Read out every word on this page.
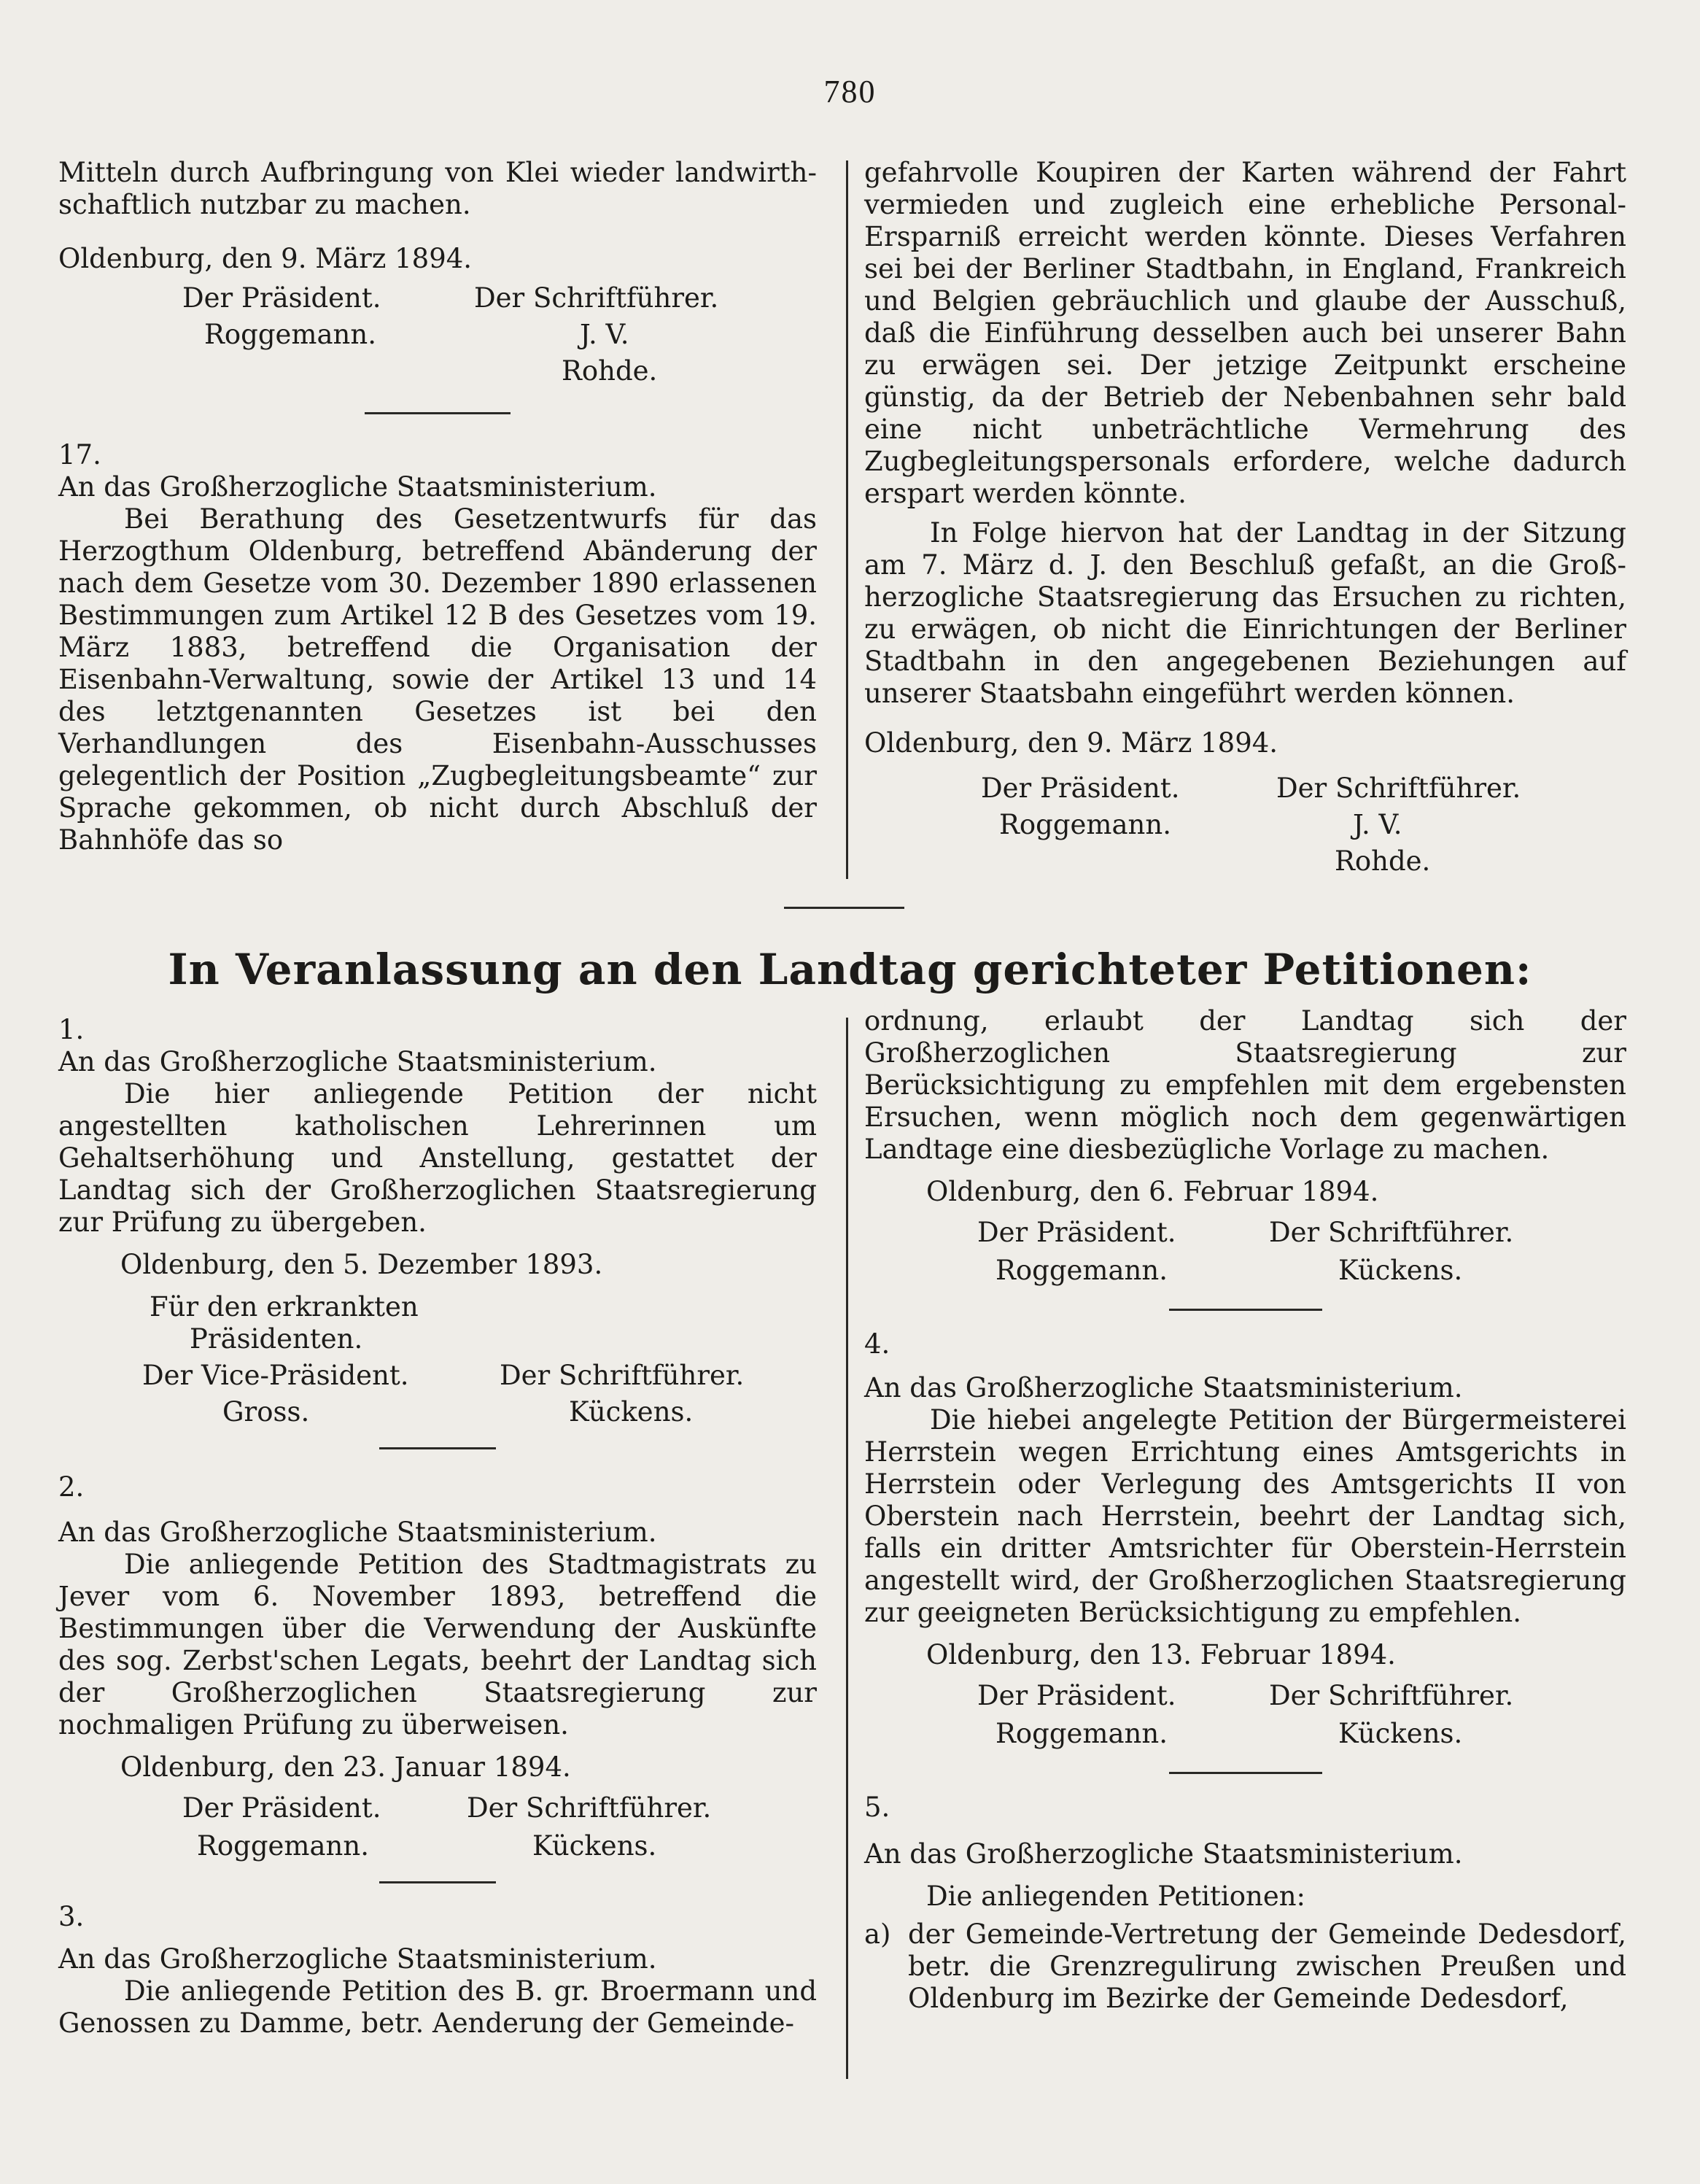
780

Mitteln durch Aufbringung von Klei wieder landwirthschaftlich nutzbar zu machen.

Oldenburg, den 9. März 1894.

Der Präsident.	Der Schriftführer.
Roggemann.	J. V.
Rohde.

17.

An das Großherzogliche Staatsministerium.

Bei Berathung des Gesetzentwurfs für das Herzogthum Oldenburg, betreffend Abänderung der nach dem Gesetze vom 30. Dezember 1890 erlassenen Bestimmungen zum Artikel 12 B des Gesetzes vom 19. März 1883, betreffend die Organisation der Eisenbahn-Verwaltung, sowie der Artikel 13 und 14 des letztgenannten Gesetzes ist bei den Verhandlungen des Eisenbahn-Ausschusses gelegentlich der Position „Zugbegleitungsbeamte“ zur Sprache gekommen, ob nicht durch Abschluß der Bahnhöfe das so

gefahrvolle Koupiren der Karten während der Fahrt vermieden und zugleich eine erhebliche Personal-Ersparniß erreicht werden könnte. Dieses Verfahren sei bei der Berliner Stadtbahn, in England, Frankreich und Belgien gebräuchlich und glaube der Ausschuß, daß die Einführung desselben auch bei unserer Bahn zu erwägen sei. Der jetzige Zeitpunkt erscheine günstig, da der Betrieb der Nebenbahnen sehr bald eine nicht unbeträchtliche Vermehrung des Zugbegleitungspersonals erfordere, welche dadurch erspart werden könnte.

In Folge hiervon hat der Landtag in der Sitzung am 7. März d. J. den Beschluß gefaßt, an die Großherzogliche Staatsregierung das Ersuchen zu richten, zu erwägen, ob nicht die Einrichtungen der Berliner Stadtbahn in den angegebenen Beziehungen auf unserer Staatsbahn eingeführt werden können.

Oldenburg, den 9. März 1894.

Der Präsident.	Der Schriftführer.
Roggemann.	J. V.
Rohde.
In Veranlassung an den Landtag gerichteter Petitionen:

1.

An das Großherzogliche Staatsministerium.

Die hier anliegende Petition der nicht angestellten katholischen Lehrerinnen um Gehaltserhöhung und Anstellung, gestattet der Landtag sich der Großherzoglichen Staatsregierung zur Prüfung zu übergeben.

Oldenburg, den 5. Dezember 1893.

Für den erkrankten
Präsidenten.
Der Vice-Präsident.	Der Schriftführer.
Gross.	Kückens.

2.

An das Großherzogliche Staatsministerium.

Die anliegende Petition des Stadtmagistrats zu Jever vom 6. November 1893, betreffend die Bestimmungen über die Verwendung der Auskünfte des sog. Zerbst'schen Legats, beehrt der Landtag sich der Großherzoglichen Staatsregierung zur nochmaligen Prüfung zu überweisen.

Oldenburg, den 23. Januar 1894.

Der Präsident.	Der Schriftführer.
Roggemann.	Kückens.

3.

An das Großherzogliche Staatsministerium.

Die anliegende Petition des B. gr. Broermann und Genossen zu Damme, betr. Aenderung der Gemeinde-

ordnung, erlaubt der Landtag sich der Großherzoglichen Staatsregierung zur Berücksichtigung zu empfehlen mit dem ergebensten Ersuchen, wenn möglich noch dem gegenwärtigen Landtage eine diesbezügliche Vorlage zu machen.

Oldenburg, den 6. Februar 1894.

Der Präsident.	Der Schriftführer.
Roggemann.	Kückens.

4.

An das Großherzogliche Staatsministerium.

Die hiebei angelegte Petition der Bürgermeisterei Herrstein wegen Errichtung eines Amtsgerichts in Herrstein oder Verlegung des Amtsgerichts II von Oberstein nach Herrstein, beehrt der Landtag sich, falls ein dritter Amtsrichter für Oberstein-Herrstein angestellt wird, der Großherzoglichen Staatsregierung zur geeigneten Berücksichtigung zu empfehlen.

Oldenburg, den 13. Februar 1894.

Der Präsident.	Der Schriftführer.
Roggemann.	Kückens.

5.

An das Großherzogliche Staatsministerium.

Die anliegenden Petitionen:

a) der Gemeinde-Vertretung der Gemeinde Dedesdorf, betr. die Grenzregulirung zwischen Preußen und Oldenburg im Bezirke der Gemeinde Dedesdorf,
